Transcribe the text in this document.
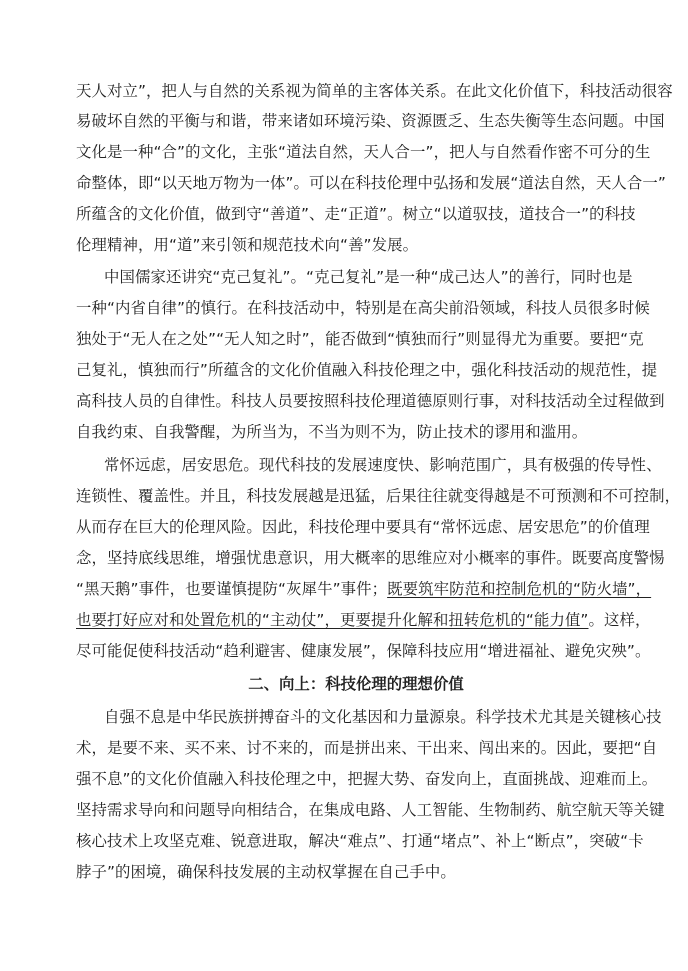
天人对立”，把人与自然的关系视为简单的主客体关系。在此文化价值下，科技活动很容
易破坏自然的平衡与和谐，带来诸如环境污染、资源匮乏、生态失衡等生态问题。中国
文化是一种“合”的文化，主张“道法自然，天人合一”，把人与自然看作密不可分的生
命整体，即“以天地万物为一体”。可以在科技伦理中弘扬和发展“道法自然，天人合一”
所蕴含的文化价值，做到守“善道”、走“正道”。树立“以道驭技，道技合一”的科技
伦理精神，用“道”来引领和规范技术向“善”发展。
中国儒家还讲究“克己复礼”。“克己复礼”是一种“成己达人”的善行，同时也是
一种“内省自律”的慎行。在科技活动中，特别是在高尖前沿领域，科技人员很多时候
独处于“无人在之处”“无人知之时”，能否做到“慎独而行”则显得尤为重要。要把“克
己复礼，慎独而行”所蕴含的文化价值融入科技伦理之中，强化科技活动的规范性，提
高科技人员的自律性。科技人员要按照科技伦理道德原则行事，对科技活动全过程做到
自我约束、自我警醒，为所当为，不当为则不为，防止技术的谬用和滥用。
常怀远虑，居安思危。现代科技的发展速度快、影响范围广，具有极强的传导性、
连锁性、覆盖性。并且，科技发展越是迅猛，后果往往就变得越是不可预测和不可控制，
从而存在巨大的伦理风险。因此，科技伦理中要具有“常怀远虑、居安思危”的价值理
念，坚持底线思维，增强忧患意识，用大概率的思维应对小概率的事件。既要高度警惕
“黑天鹅”事件，也要谨慎提防“灰犀牛”事件；既要筑牢防范和控制危机的“防火墙”，
也要打好应对和处置危机的“主动仗”，更要提升化解和扭转危机的“能力值”。这样，
尽可能促使科技活动“趋利避害、健康发展”，保障科技应用“增进福祉、避免灾殃”。
二、向上：科技伦理的理想价值
自强不息是中华民族拼搏奋斗的文化基因和力量源泉。科学技术尤其是关键核心技
术，是要不来、买不来、讨不来的，而是拼出来、干出来、闯出来的。因此，要把“自
强不息”的文化价值融入科技伦理之中，把握大势、奋发向上，直面挑战、迎难而上。
坚持需求导向和问题导向相结合，在集成电路、人工智能、生物制药、航空航天等关键
核心技术上攻坚克难、锐意进取，解决“难点”、打通“堵点”、补上“断点”，突破“卡
脖子”的困境，确保科技发展的主动权掌握在自己手中。
